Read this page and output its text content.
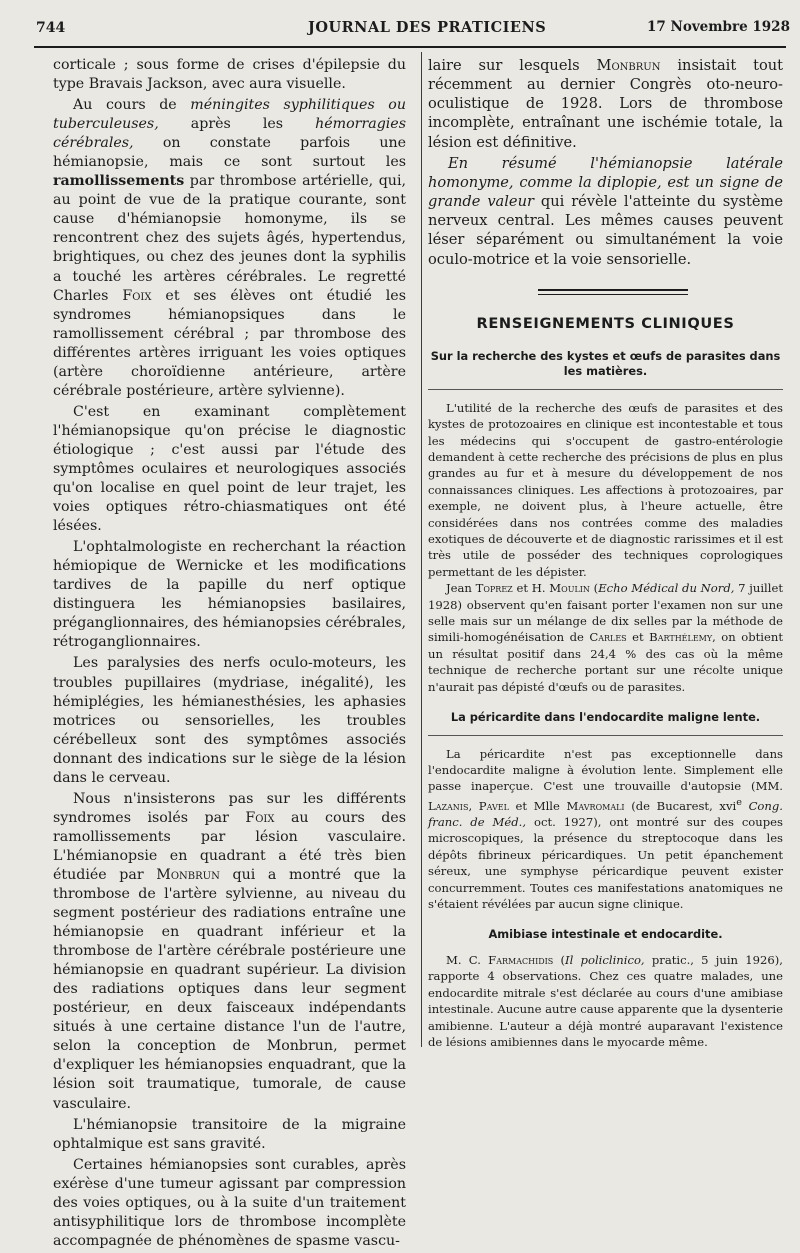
744	JOURNAL DES PRATICIENS	17 Novembre 1928

corticale ; sous forme de crises d'épilepsie du type Bravais Jackson, avec aura visuelle.

Au cours de méningites syphilitiques ou tuberculeuses, après les hémorragies cérébrales, on constate parfois une hémianopsie, mais ce sont surtout les ramollissements par thrombose artérielle, qui, au point de vue de la pratique courante, sont cause d'hémianopsie homonyme, ils se rencontrent chez des sujets âgés, hypertendus, brightiques, ou chez des jeunes dont la syphilis a touché les artères cérébrales. Le regretté Charles Foix et ses élèves ont étudié les syndromes hémianopsiques dans le ramollissement cérébral ; par thrombose des différentes artères irriguant les voies optiques (artère choroïdienne antérieure, artère cérébrale postérieure, artère sylvienne).

C'est en examinant complètement l'hémianopsique qu'on précise le diagnostic étiologique ; c'est aussi par l'étude des symptômes oculaires et neurologiques associés qu'on localise en quel point de leur trajet, les voies optiques rétro-chiasmatiques ont été lésées.

L'ophtalmologiste en recherchant la réaction hémiopique de Wernicke et les modifications tardives de la papille du nerf optique distinguera les hémianopsies basilaires, préganglionnaires, des hémianopsies cérébrales, rétroganglionnaires.

Les paralysies des nerfs oculo-moteurs, les troubles pupillaires (mydriase, inégalité), les hémiplégies, les hémianesthésies, les aphasies motrices ou sensorielles, les troubles cérébelleux sont des symptômes associés donnant des indications sur le siège de la lésion dans le cerveau.

Nous n'insisterons pas sur les différents syndromes isolés par Foix au cours des ramollissements par lésion vasculaire. L'hémianopsie en quadrant a été très bien étudiée par Monbrun qui a montré que la thrombose de l'artère sylvienne, au niveau du segment postérieur des radiations entraîne une hémianopsie en quadrant inférieur et la thrombose de l'artère cérébrale postérieure une hémianopsie en quadrant supérieur. La division des radiations optiques dans leur segment postérieur, en deux faisceaux indépendants situés à une certaine distance l'un de l'autre, selon la conception de Monbrun, permet d'expliquer les hémianopsies enquadrant, que la lésion soit traumatique, tumorale, de cause vasculaire.

L'hémianopsie transitoire de la migraine ophtalmique est sans gravité.

Certaines hémianopsies sont curables, après exérèse d'une tumeur agissant par compression des voies optiques, ou à la suite d'un traitement antisyphilitique lors de thrombose incomplète accompagnée de phénomènes de spasme vascu-

laire sur lesquels Monbrun insistait tout récemment au dernier Congrès oto-neuro-oculistique de 1928. Lors de thrombose incomplète, entraînant une ischémie totale, la lésion est définitive.

En résumé l'hémianopsie latérale homonyme, comme la diplopie, est un signe de grande valeur qui révèle l'atteinte du système nerveux central. Les mêmes causes peuvent léser séparément ou simultanément la voie oculo-motrice et la voie sensorielle.

RENSEIGNEMENTS CLINIQUES
Sur la recherche des kystes et œufs de parasites dans les matières.

L'utilité de la recherche des œufs de parasites et des kystes de protozoaires en clinique est incontestable et tous les médecins qui s'occupent de gastro-entérologie demandent à cette recherche des précisions de plus en plus grandes au fur et à mesure du développement de nos connaissances cliniques. Les affections à protozoaires, par exemple, ne doivent plus, à l'heure actuelle, être considérées dans nos contrées comme des maladies exotiques de découverte et de diagnostic rarissimes et il est très utile de posséder des techniques coprologiques permettant de les dépister.

Jean Toprez et H. Moulin (Echo Médical du Nord, 7 juillet 1928) observent qu'en faisant porter l'examen non sur une selle mais sur un mélange de dix selles par la méthode de simili-homogénéisation de Carles et Barthélemy, on obtient un résultat positif dans 24,4 % des cas où la même technique de recherche portant sur une récolte unique n'aurait pas dépisté d'œufs ou de parasites.

La péricardite dans l'endocardite maligne lente.

La péricardite n'est pas exceptionnelle dans l'endocardite maligne à évolution lente. Simplement elle passe inaperçue. C'est une trouvaille d'autopsie (MM. Lazanis, Pavel et Mlle Mavromali (de Bucarest, xvi$^e$ Cong. franc. de Méd., oct. 1927), ont montré sur des coupes microscopiques, la présence du streptocoque dans les dépôts fibrineux péricardiques. Un petit épanchement séreux, une symphyse péricardique peuvent exister concurremment. Toutes ces manifestations anatomiques ne s'étaient révélées par aucun signe clinique.

Amibiase intestinale et endocardite.

M. C. Farmachidis (Il policlinico, pratic., 5 juin 1926), rapporte 4 observations. Chez ces quatre malades, une endocardite mitrale s'est déclarée au cours d'une amibiase intestinale. Aucune autre cause apparente que la dysenterie amibienne. L'auteur a déjà montré auparavant l'existence de lésions amibiennes dans le myocarde même.
